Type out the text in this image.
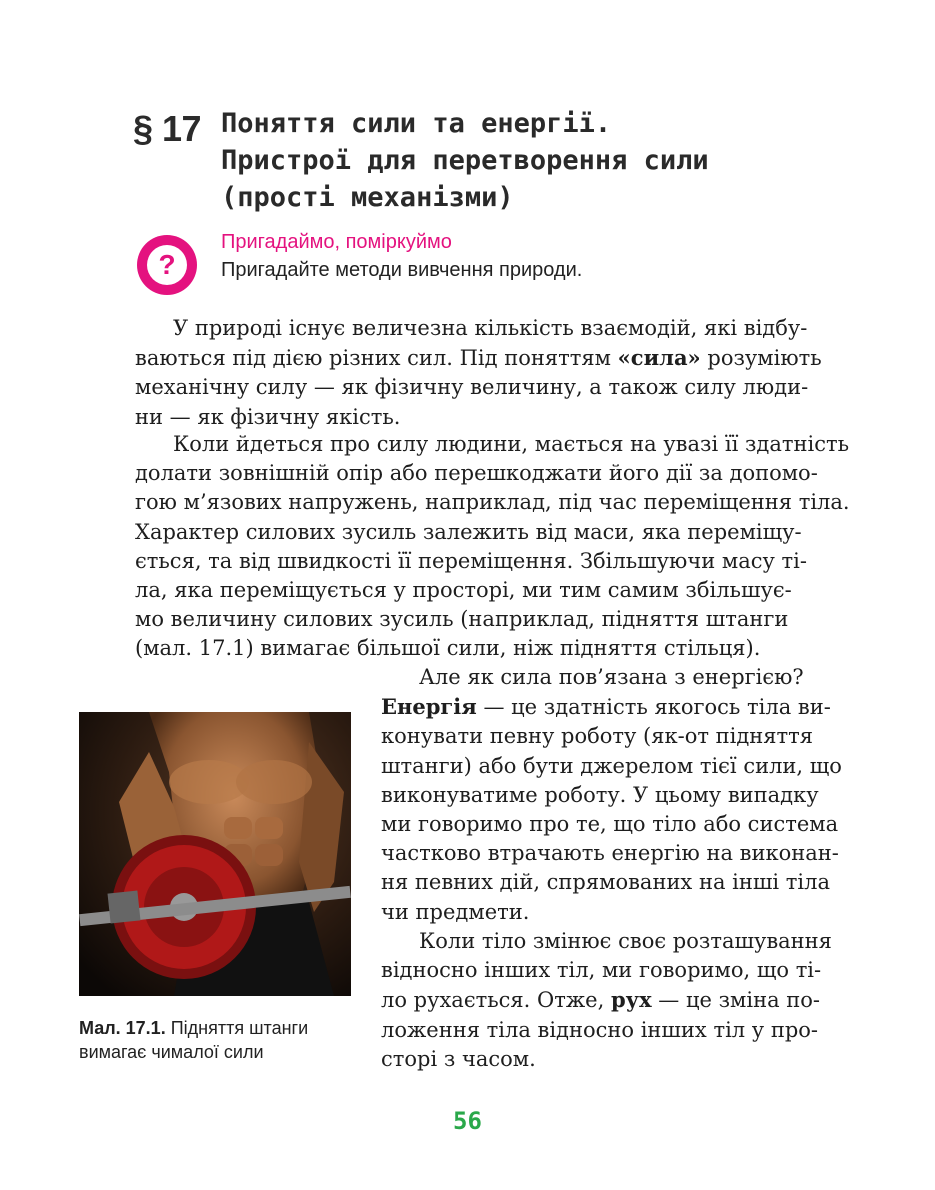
§ 17 Поняття сили та енергії.
Пристрої для перетворення сили
(прості механізми)
?
Пригадаймо, поміркуймо
Пригадайте методи вивчення природи.
У природі існує величезна кількість взаємодій, які відбу-
ваються під дією різних сил. Під поняттям «сила» розуміють
механічну силу — як фізичну величину, а також силу люди-
ни — як фізичну якість.
Коли йдеться про силу людини, мається на увазі її здатність
долати зовнішній опір або перешкоджати його дії за допомо-
гою м’язових напружень, наприклад, під час переміщення тіла.
Характер силових зусиль залежить від маси, яка переміщу-
ється, та від швидкості її переміщення. Збільшуючи масу ті-
ла, яка переміщується у просторі, ми тим самим збільшує-
мо величину силових зусиль (наприклад, підняття штанги
(мал. 17.1) вимагає більшої сили, ніж підняття стільця).
Мал. 17.1. Підняття штанги вимагає чималої сили
Але як сила пов’язана з енергією?
Енергія — це здатність якогось тіла ви-
конувати певну роботу (як-от підняття
штанги) або бути джерелом тієї сили, що
виконуватиме роботу. У цьому випадку
ми говоримо про те, що тіло або система
частково втрачають енергію на виконан-
ня певних дій, спрямованих на інші тіла
чи предмети.
Коли тіло змінює своє розташування
відносно інших тіл, ми говоримо, що ті-
ло рухається. Отже, рух — це зміна по-
ложення тіла відносно інших тіл у про-
сторі з часом.
56
